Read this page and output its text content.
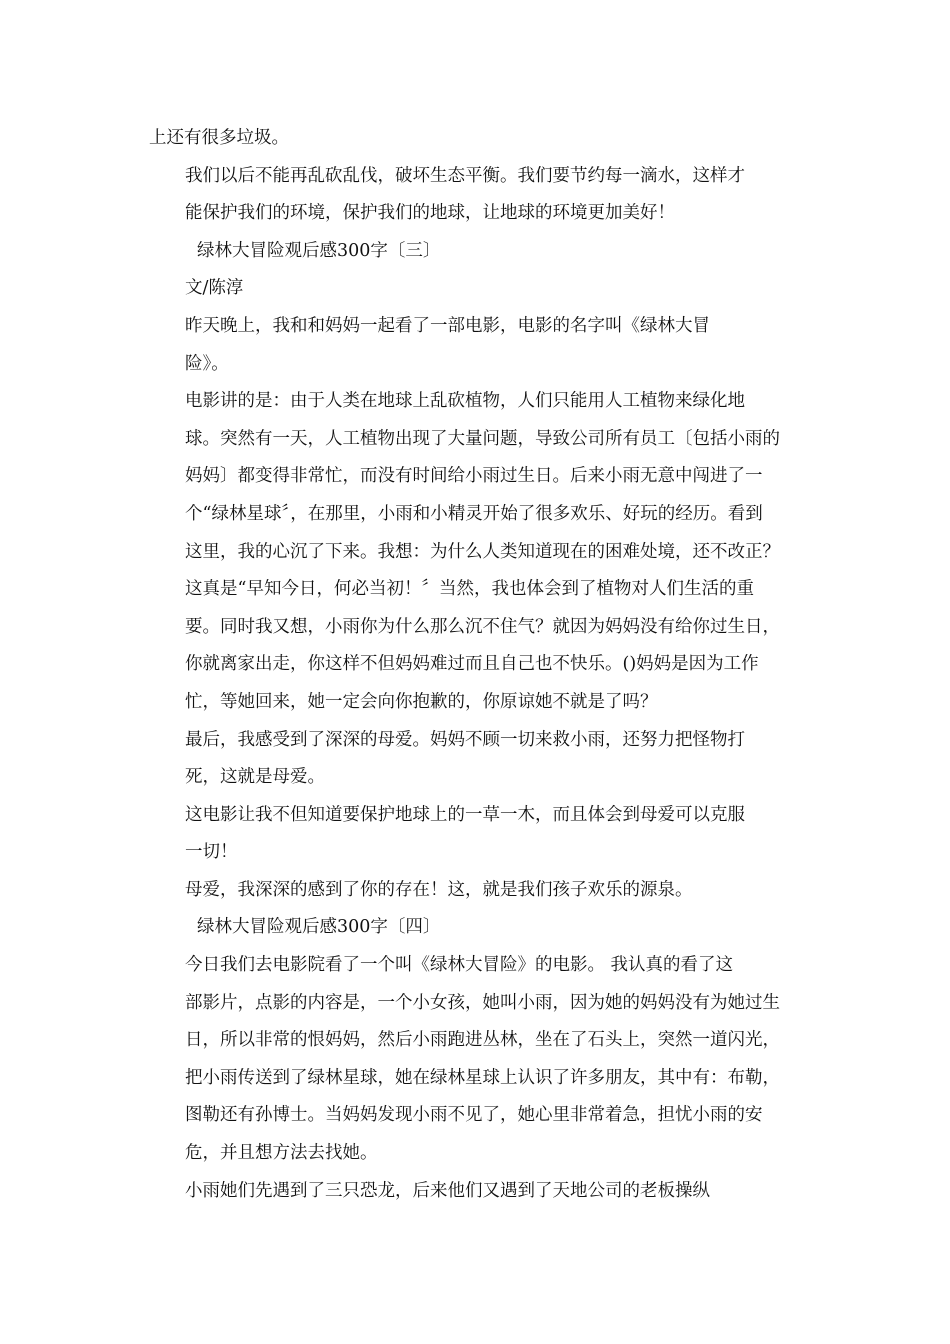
上还有很多垃圾。

我们以后不能再乱砍乱伐，破坏生态平衡。我们要节约每一滴水，这样才
能保护我们的环境，保护我们的地球，让地球的环境更加美好！

绿林大冒险观后感300字〔三〕

文/陈淳

昨天晚上，我和和妈妈一起看了一部电影，电影的名字叫《绿林大冒
险》。

电影讲的是：由于人类在地球上乱砍植物，人们只能用人工植物来绿化地
球。突然有一天，人工植物出现了大量问题，导致公司所有员工〔包括小雨的
妈妈〕都变得非常忙，而没有时间给小雨过生日。后来小雨无意中闯进了一
个“绿林星球〞，在那里，小雨和小精灵开始了很多欢乐、好玩的经历。看到
这里，我的心沉了下来。我想：为什么人类知道现在的困难处境，还不改正？
这真是“早知今日，何必当初！〞当然，我也体会到了植物对人们生活的重
要。同时我又想，小雨你为什么那么沉不住气？就因为妈妈没有给你过生日，
你就离家出走，你这样不但妈妈难过而且自己也不快乐。()妈妈是因为工作
忙，等她回来，她一定会向你抱歉的，你原谅她不就是了吗？

最后，我感受到了深深的母爱。妈妈不顾一切来救小雨，还努力把怪物打
死，这就是母爱。

这电影让我不但知道要保护地球上的一草一木，而且体会到母爱可以克服
一切！

母爱，我深深的感到了你的存在！这，就是我们孩子欢乐的源泉。

绿林大冒险观后感300字〔四〕

今日我们去电影院看了一个叫《绿林大冒险》的电影。 我认真的看了这
部影片，点影的内容是，一个小女孩，她叫小雨，因为她的妈妈没有为她过生
日，所以非常的恨妈妈，然后小雨跑进丛林，坐在了石头上，突然一道闪光，
把小雨传送到了绿林星球，她在绿林星球上认识了许多朋友，其中有：布勒，
图勒还有孙博士。当妈妈发现小雨不见了，她心里非常着急，担忧小雨的安
危，并且想方法去找她。

小雨她们先遇到了三只恐龙，后来他们又遇到了天地公司的老板操纵
